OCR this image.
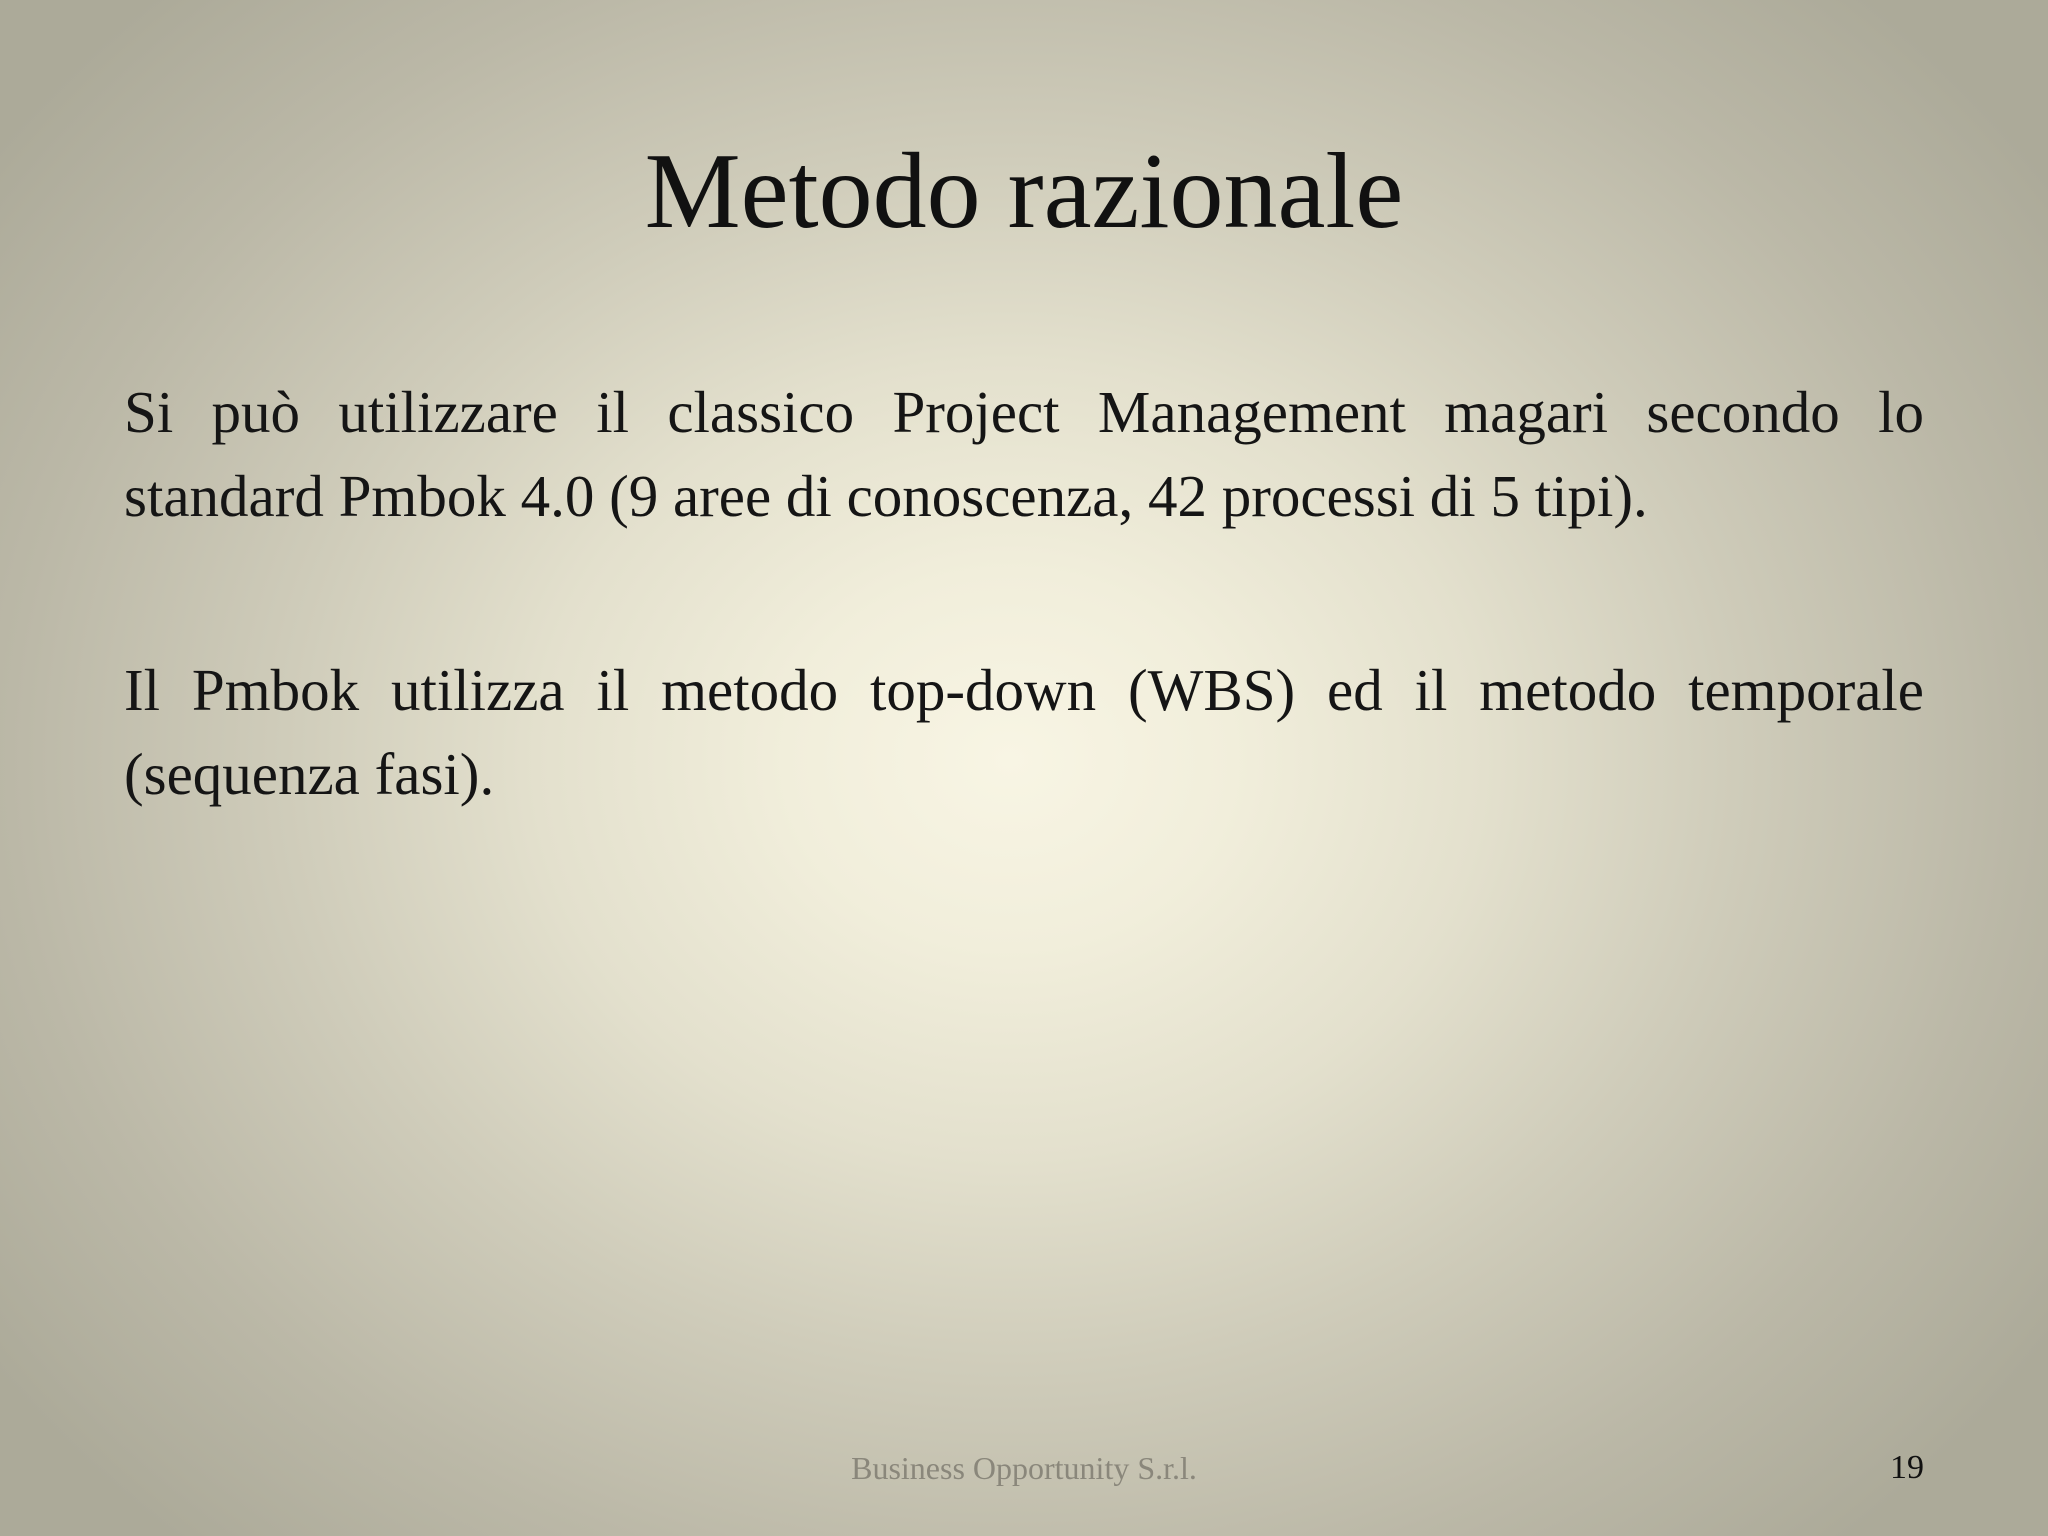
Metodo razionale

Si può utilizzare il classico Project Management magari secondo lo standard Pmbok 4.0 (9 aree di conoscenza, 42 processi di 5 tipi).

Il Pmbok utilizza il metodo top-down (WBS) ed il metodo temporale (sequenza fasi).

Business Opportunity S.r.l.	19
